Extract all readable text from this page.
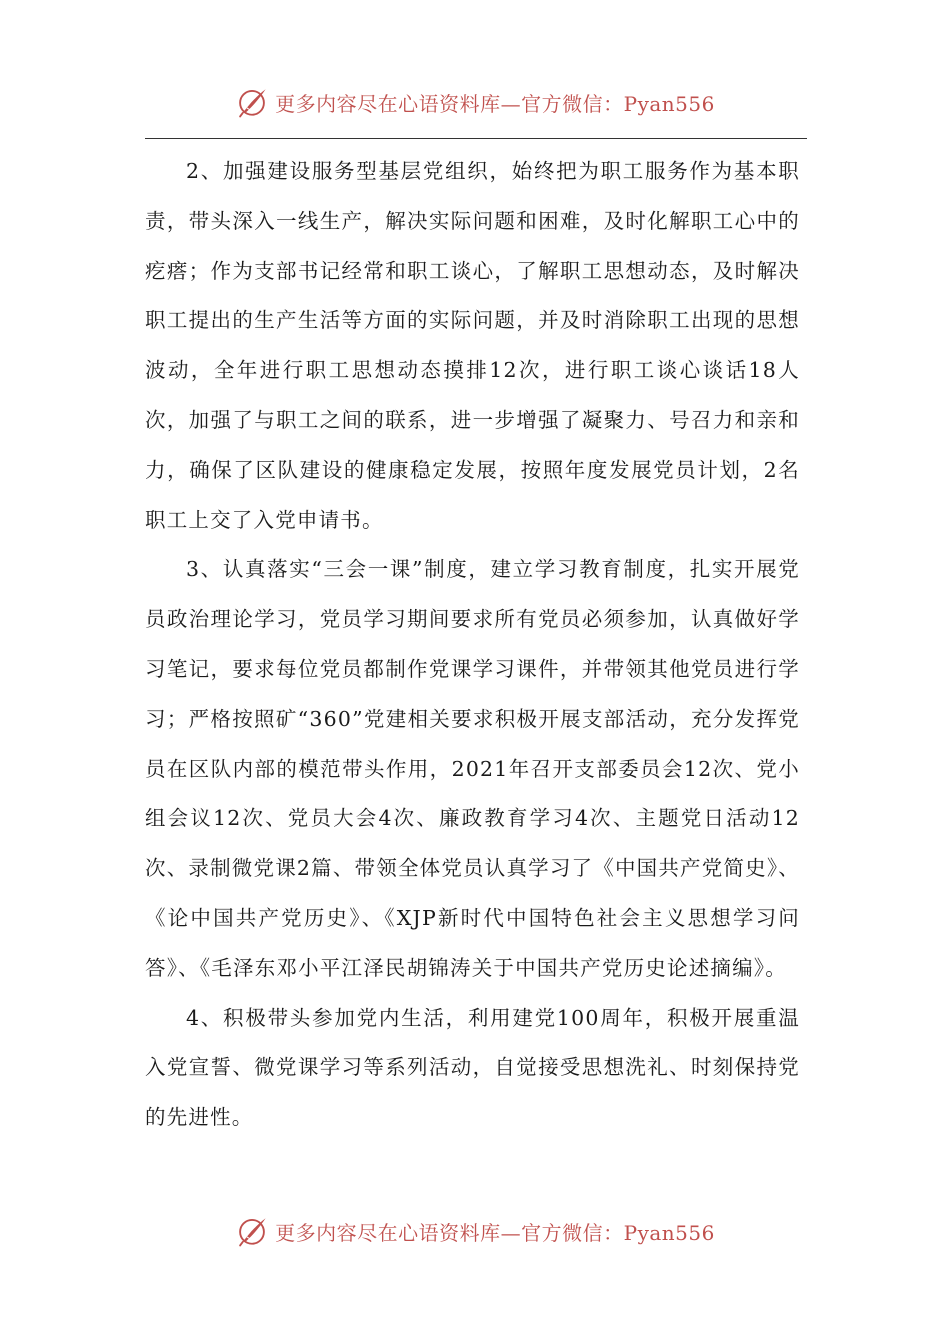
更多内容尽在心语资料库—官方微信：Pyan556

2、加强建设服务型基层党组织，始终把为职工服务作为基本职责，带头深入一线生产，解决实际问题和困难，及时化解职工心中的疙瘩；作为支部书记经常和职工谈心，了解职工思想动态，及时解决职工提出的生产生活等方面的实际问题，并及时消除职工出现的思想波动，全年进行职工思想动态摸排12次，进行职工谈心谈话18人次，加强了与职工之间的联系，进一步增强了凝聚力、号召力和亲和力，确保了区队建设的健康稳定发展，按照年度发展党员计划，2名职工上交了入党申请书。

3、认真落实“三会一课”制度，建立学习教育制度，扎实开展党员政治理论学习，党员学习期间要求所有党员必须参加，认真做好学习笔记，要求每位党员都制作党课学习课件，并带领其他党员进行学习；严格按照矿“360”党建相关要求积极开展支部活动，充分发挥党员在区队内部的模范带头作用，2021年召开支部委员会12次、党小组会议12次、党员大会4次、廉政教育学习4次、主题党日活动12次、录制微党课2篇、带领全体党员认真学习了《中国共产党简史》、《论中国共产党历史》、《XJP新时代中国特色社会主义思想学习问答》、《毛泽东邓小平江泽民胡锦涛关于中国共产党历史论述摘编》。

4、积极带头参加党内生活，利用建党100周年，积极开展重温入党宣誓、微党课学习等系列活动，自觉接受思想洗礼、时刻保持党的先进性。

更多内容尽在心语资料库—官方微信：Pyan556
